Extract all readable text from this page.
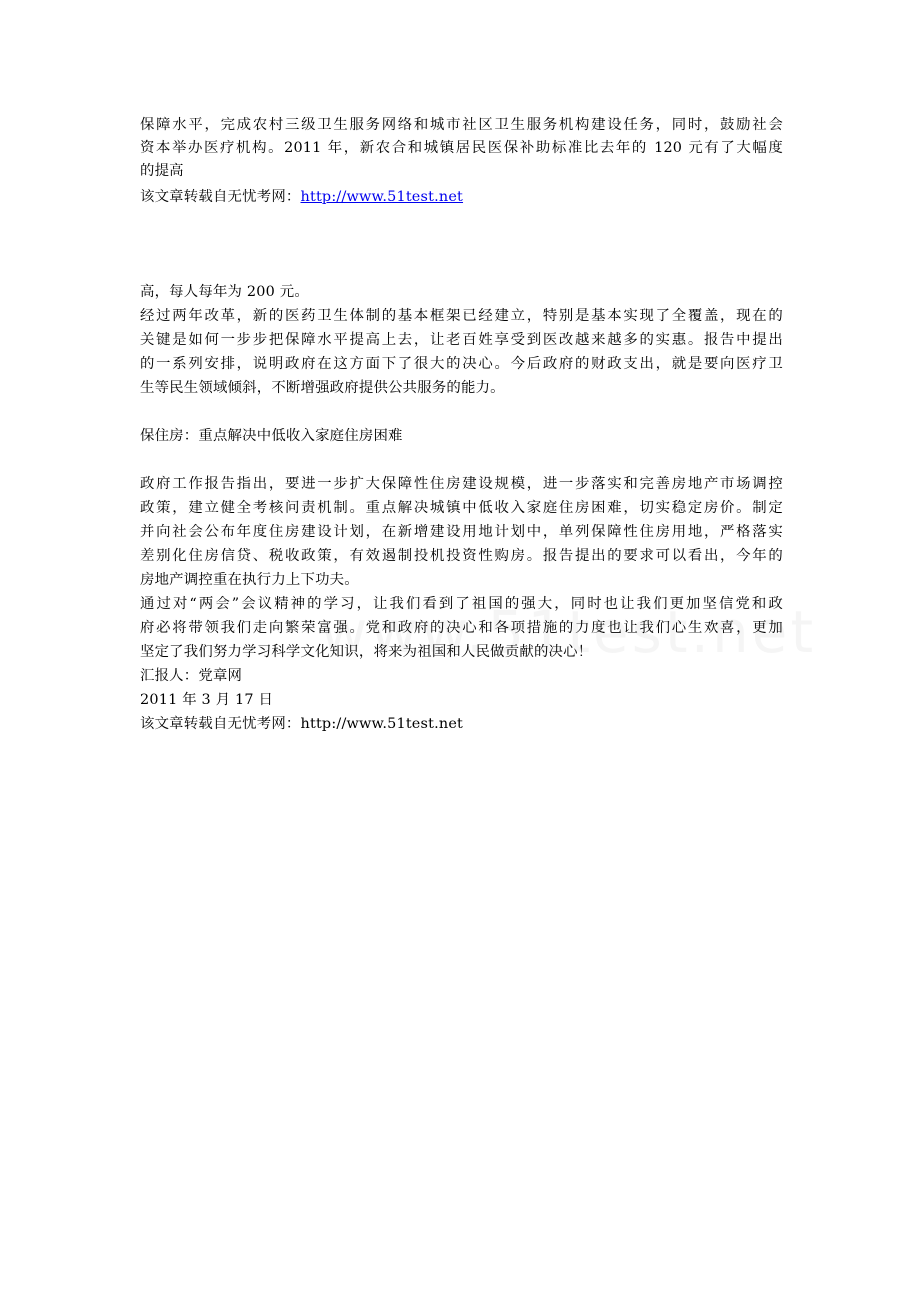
保障水平，完成农村三级卫生服务网络和城市社区卫生服务机构建设任务，同时，鼓励社会
资本举办医疗机构。2011 年，新农合和城镇居民医保补助标准比去年的 120 元有了大幅度
的提高
该文章转载自无忧考网：http://www.51test.net
高，每人每年为 200 元。
经过两年改革，新的医药卫生体制的基本框架已经建立，特别是基本实现了全覆盖，现在的
关键是如何一步步把保障水平提高上去，让老百姓享受到医改越来越多的实惠。报告中提出
的一系列安排，说明政府在这方面下了很大的决心。今后政府的财政支出，就是要向医疗卫
生等民生领域倾斜，不断增强政府提供公共服务的能力。
保住房：重点解决中低收入家庭住房困难
政府工作报告指出，要进一步扩大保障性住房建设规模，进一步落实和完善房地产市场调控
政策，建立健全考核问责机制。重点解决城镇中低收入家庭住房困难，切实稳定房价。制定
并向社会公布年度住房建设计划，在新增建设用地计划中，单列保障性住房用地，严格落实
差别化住房信贷、税收政策，有效遏制投机投资性购房。报告提出的要求可以看出，今年的
房地产调控重在执行力上下功夫。
通过对“两会”会议精神的学习，让我们看到了祖国的强大，同时也让我们更加坚信党和政
府必将带领我们走向繁荣富强。党和政府的决心和各项措施的力度也让我们心生欢喜，更加
坚定了我们努力学习科学文化知识，将来为祖国和人民做贡献的决心！
汇报人：党章网
2011 年 3 月 17 日
该文章转载自无忧考网：http://www.51test.net
